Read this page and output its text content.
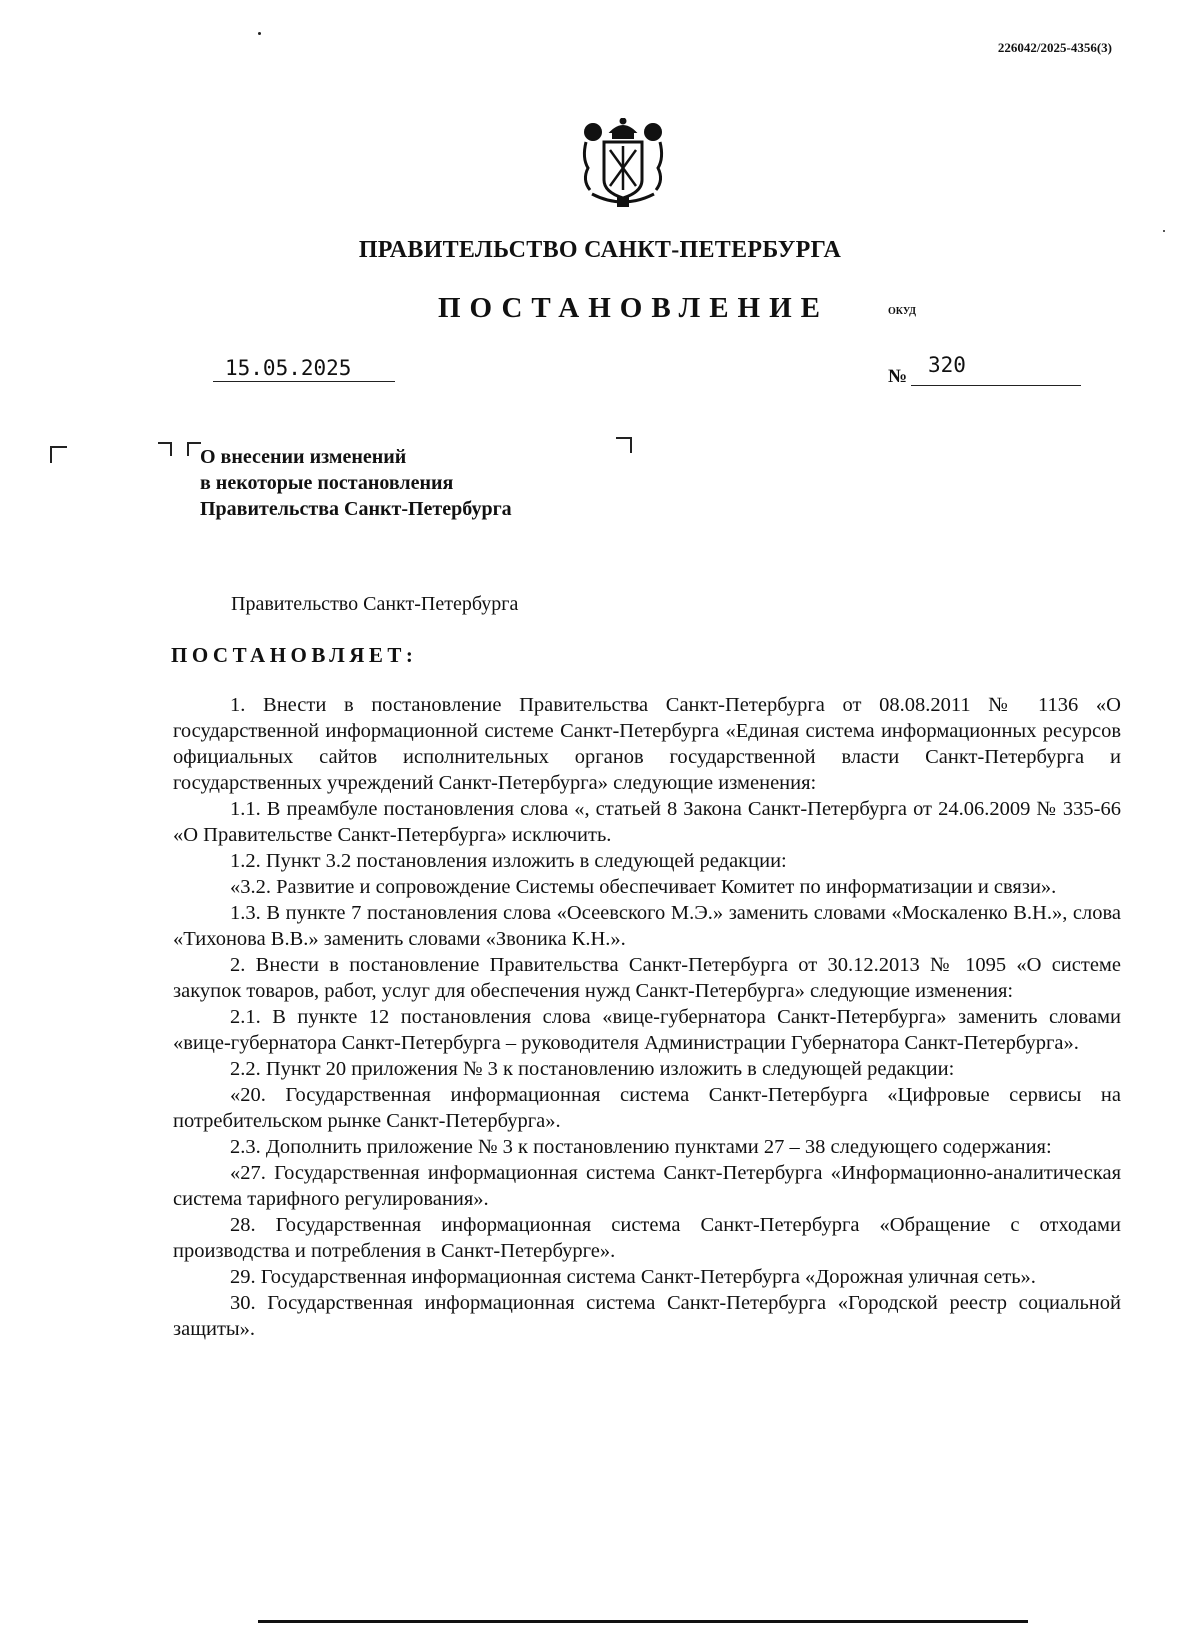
226042/2025-4356(3)
ПРАВИТЕЛЬСТВО САНКТ-ПЕТЕРБУРГА
ПОСТАНОВЛЕНИЕ	ОКУД
15.05.2025	№ 320
О внесении изменений
в некоторые постановления
Правительства Санкт-Петербурга
Правительство Санкт-Петербурга
ПОСТАНОВЛЯЕТ:

1. Внести в постановление Правительства Санкт-Петербурга от 08.08.2011 № 1136 «О государственной информационной системе Санкт-Петербурга «Единая система информационных ресурсов официальных сайтов исполнительных органов государственной власти Санкт-Петербурга и государственных учреждений Санкт-Петербурга» следующие изменения:

1.1. В преамбуле постановления слова «, статьей 8 Закона Санкт-Петербурга от 24.06.2009 № 335-66 «О Правительстве Санкт-Петербурга» исключить.

1.2. Пункт 3.2 постановления изложить в следующей редакции:

«3.2. Развитие и сопровождение Системы обеспечивает Комитет по информатизации и связи».

1.3. В пункте 7 постановления слова «Осеевского М.Э.» заменить словами «Москаленко В.Н.», слова «Тихонова В.В.» заменить словами «Звоника К.Н.».

2. Внести в постановление Правительства Санкт-Петербурга от 30.12.2013 № 1095 «О системе закупок товаров, работ, услуг для обеспечения нужд Санкт-Петербурга» следующие изменения:

2.1. В пункте 12 постановления слова «вице-губернатора Санкт-Петербурга» заменить словами «вице-губернатора Санкт-Петербурга – руководителя Администрации Губернатора Санкт-Петербурга».

2.2. Пункт 20 приложения № 3 к постановлению изложить в следующей редакции:

«20. Государственная информационная система Санкт-Петербурга «Цифровые сервисы на потребительском рынке Санкт-Петербурга».

2.3. Дополнить приложение № 3 к постановлению пунктами 27 – 38 следующего содержания:

«27. Государственная информационная система Санкт-Петербурга «Информационно-аналитическая система тарифного регулирования».

28. Государственная информационная система Санкт-Петербурга «Обращение с отходами производства и потребления в Санкт-Петербурге».

29. Государственная информационная система Санкт-Петербурга «Дорожная уличная сеть».

30. Государственная информационная система Санкт-Петербурга «Городской реестр социальной защиты».
